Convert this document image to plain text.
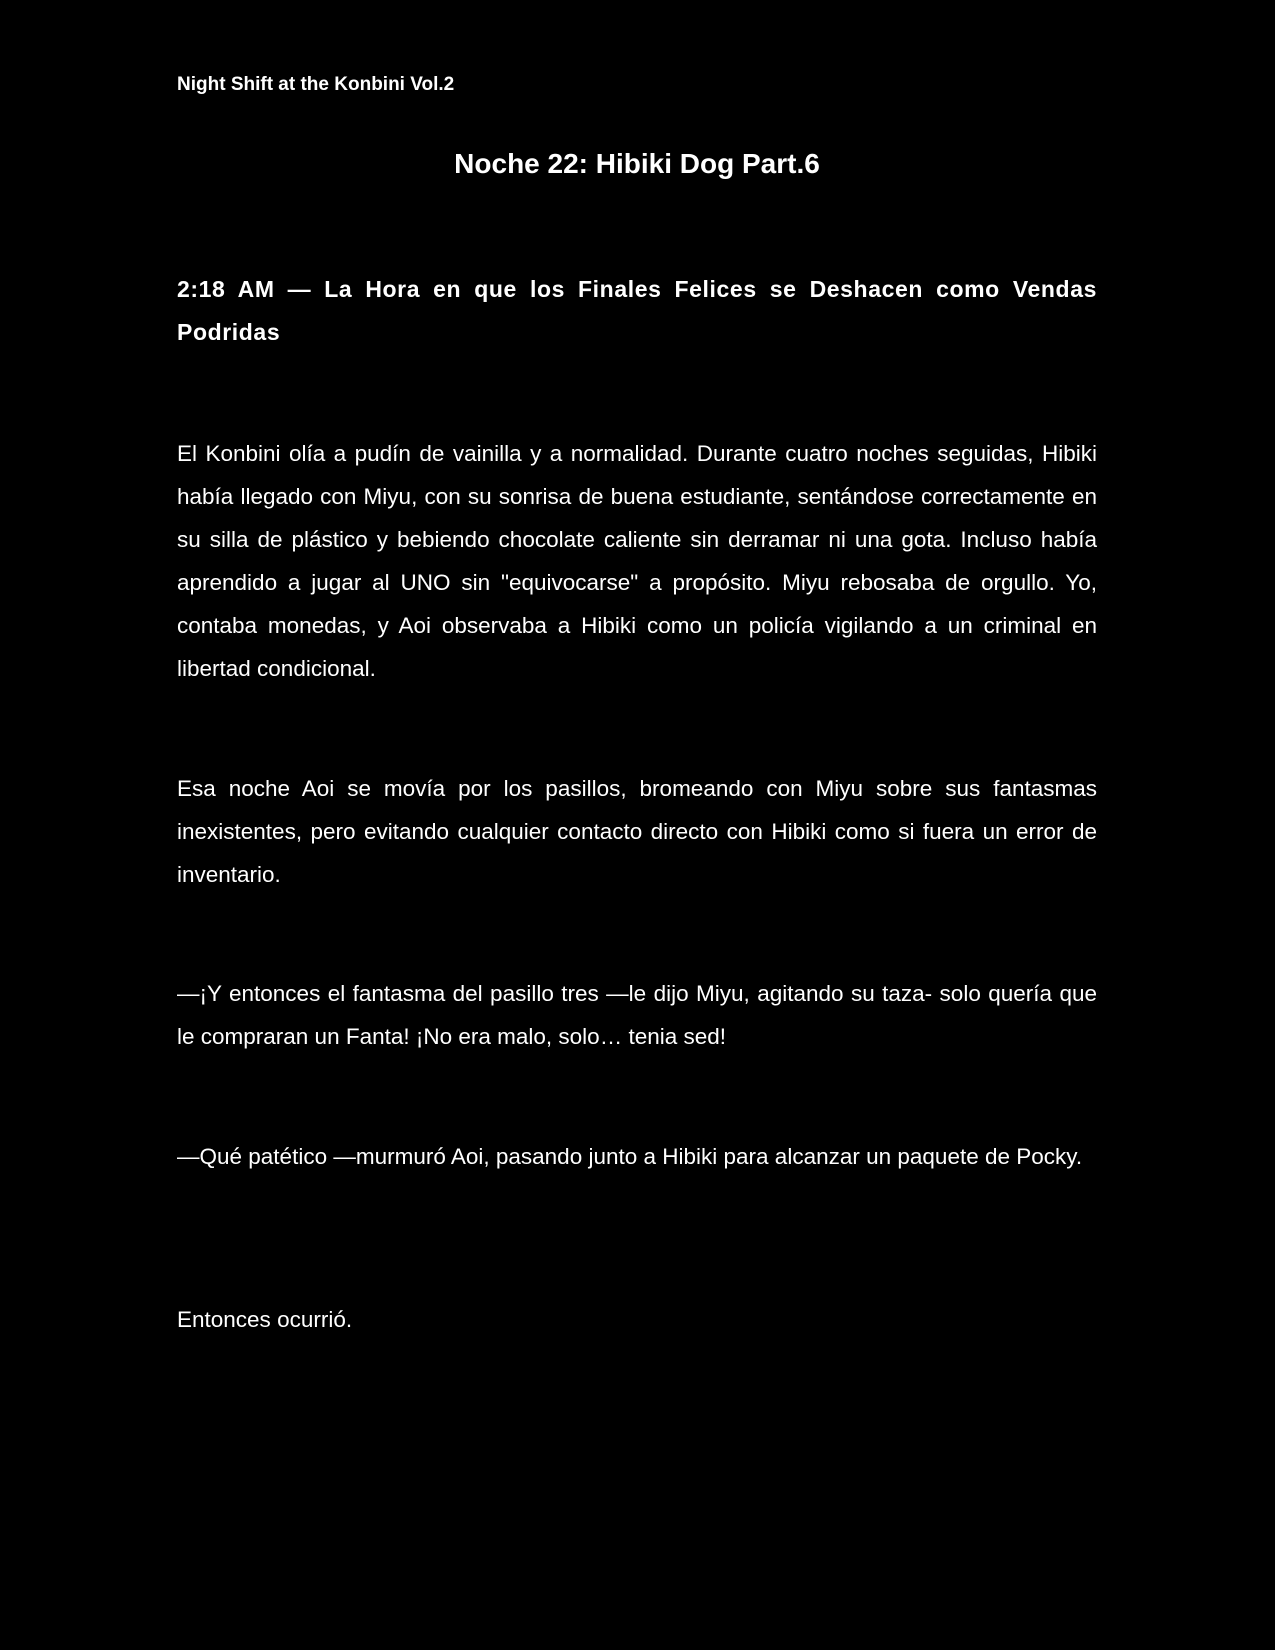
Night Shift at the Konbini Vol.2
Noche 22: Hibiki Dog Part.6
2:18 AM — La Hora en que los Finales Felices se Deshacen como Vendas Podridas

El Konbini olía a pudín de vainilla y a normalidad. Durante cuatro noches seguidas, Hibiki había llegado con Miyu, con su sonrisa de buena estudiante, sentándose correctamente en su silla de plástico y bebiendo chocolate caliente sin derramar ni una gota. Incluso había aprendido a jugar al UNO sin "equivocarse" a propósito. Miyu rebosaba de orgullo. Yo, contaba monedas, y Aoi observaba a Hibiki como un policía vigilando a un criminal en libertad condicional.

Esa noche Aoi se movía por los pasillos, bromeando con Miyu sobre sus fantasmas inexistentes, pero evitando cualquier contacto directo con Hibiki como si fuera un error de inventario.

—¡Y entonces el fantasma del pasillo tres —le dijo Miyu, agitando su taza- solo quería que le compraran un Fanta! ¡No era malo, solo… tenia sed!

—Qué patético —murmuró Aoi, pasando junto a Hibiki para alcanzar un paquete de Pocky.

Entonces ocurrió.
